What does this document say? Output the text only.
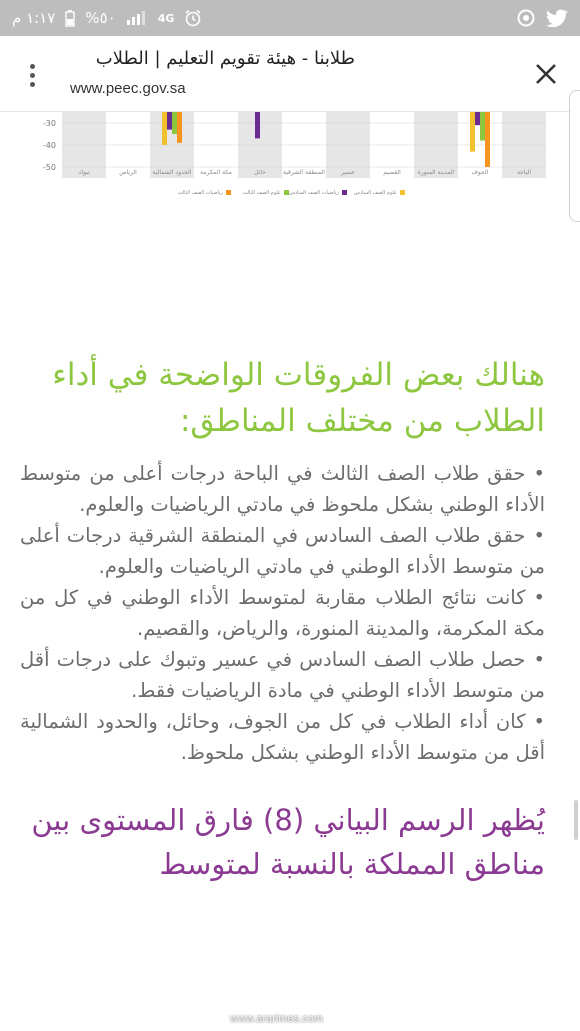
١:١٧ م %٥٠	4G
طلابنا - هيئة تقويم التعليم | الطلاب
www.peec.gov.sa
-30
-40
-50
الباحة
الجوف
المدينة المنورة
القصيم
عسير
المنطقة الشرقية
حائل
مكة المكرمة
الحدود الشمالية
الرياض
تبوك
علوم الصف السادس
رياضيات الصف السادس
علوم الصف الثالث
رياضيات الصف الثالث
هنالك بعض الفروقات الواضحة في أداء الطلاب من مختلف المناطق:
•حقق طلاب الصف الثالث في الباحة درجات أعلى من متوسط الأداء الوطني بشكل ملحوظ في مادتي الرياضيات والعلوم.
•حقق طلاب الصف السادس في المنطقة الشرقية درجات أعلى من متوسط الأداء الوطني في مادتي الرياضيات والعلوم.
•كانت نتائج الطلاب مقاربة لمتوسط الأداء الوطني في كل من مكة المكرمة، والمدينة المنورة، والرياض، والقصيم.
•حصل طلاب الصف السادس في عسير وتبوك على درجات أقل من متوسط الأداء الوطني في مادة الرياضيات فقط.
•كان أداء الطلاب في كل من الجوف، وحائل، والحدود الشمالية أقل من متوسط الأداء الوطني بشكل ملحوظ.
يُظهر الرسم البياني (8) فارق المستوى بين مناطق المملكة بالنسبة لمتوسط
www.ararimes.com
